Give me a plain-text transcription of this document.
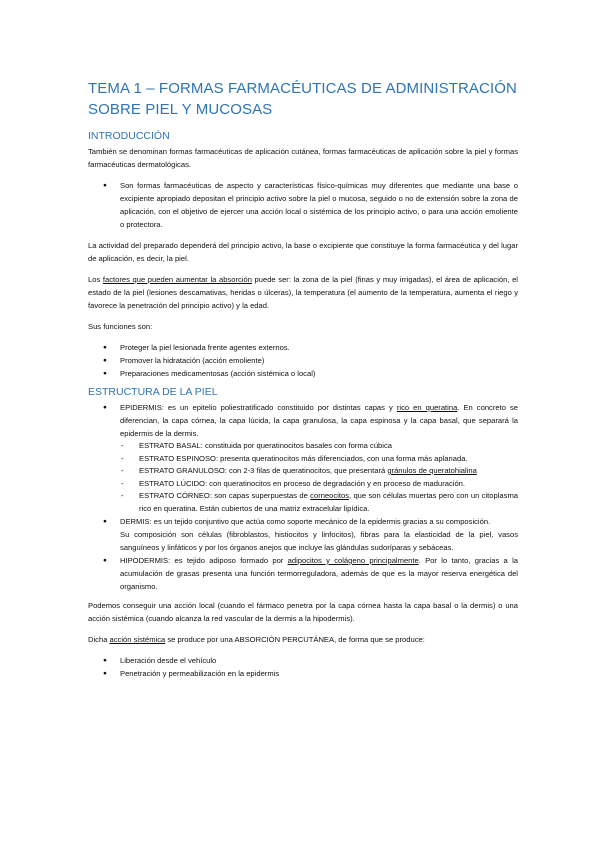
TEMA 1 – FORMAS FARMACÉUTICAS DE ADMINISTRACIÓN SOBRE PIEL Y MUCOSAS
INTRODUCCIÓN

También se denominan formas farmacéuticas de aplicación cutánea, formas farmacéuticas de aplicación sobre la piel y formas farmacéuticas dermatológicas.

● Son formas farmacéuticas de aspecto y características físico-químicas muy diferentes que mediante una base o excipiente apropiado depositan el principio activo sobre la piel o mucosa, seguido o no de extensión sobre la zona de aplicación, con el objetivo de ejercer una acción local o sistémica de los principio activo, o para una acción emoliente o protectora.

La actividad del preparado dependerá del principio activo, la base o excipiente que constituye la forma farmacéutica y del lugar de aplicación, es decir, la piel.

Los factores que pueden aumentar la absorción puede ser: la zona de la piel (finas y muy irrigadas), el área de aplicación, el estado de la piel (lesiones descamativas, heridas o úlceras), la temperatura (el aumento de la temperatura, aumenta el riego y favorece la penetración del principio activo) y la edad.

Sus funciones son:

● Proteger la piel lesionada frente agentes externos.
● Promover la hidratación (acción emoliente)
● Preparaciones medicamentosas (acción sistémica o local)
ESTRUCTURA DE LA PIEL
● EPIDERMIS: es un epitelio poliestratificado constituido por distintas capas y rico en queratina. En concreto se diferencian, la capa córnea, la capa lúcida, la capa granulosa, la capa espinosa y la capa basal, que separará la epidermis de la dermis.
- ESTRATO BASAL: constituida por queratinocitos basales con forma cúbica
- ESTRATO ESPINOSO: presenta queratinocitos más diferenciados, con una forma más aplanada.
- ESTRATO GRANULOSO: con 2-3 filas de queratinocitos, que presentará gránulos de queratohialina
- ESTRATO LÚCIDO: con queratinocitos en proceso de degradación y en proceso de maduración.
- ESTRATO CÓRNEO: son capas superpuestas de corneocitos, que son células muertas pero con un citoplasma rico en queratina. Están cubiertos de una matriz extracelular lipídica.
● DERMIS: es un tejido conjuntivo que actúa como soporte mecánico de la epidermis gracias a su composición.
Su composición son células (fibroblastos, histiocitos y linfocitos), fibras para la elasticidad de la piel, vasos sanguíneos y linfáticos y por los órganos anejos que incluye las glándulas sudoríparas y sebáceas.
● HIPODERMIS: es tejido adiposo formado por adipocitos y colágeno principalmente. Por lo tanto, gracias a la acumulación de grasas presenta una función termorreguladora, además de que es la mayor reserva energética del organismo.

Podemos conseguir una acción local (cuando el fármaco penetra por la capa córnea hasta la capa basal o la dermis) o una acción sistémica (cuando alcanza la red vascular de la dermis a la hipodermis).

Dicha acción sistémica se produce por una ABSORCIÓN PERCUTÁNEA, de forma que se produce:

● Liberación desde el vehículo
● Penetración y permeabilización en la epidermis
